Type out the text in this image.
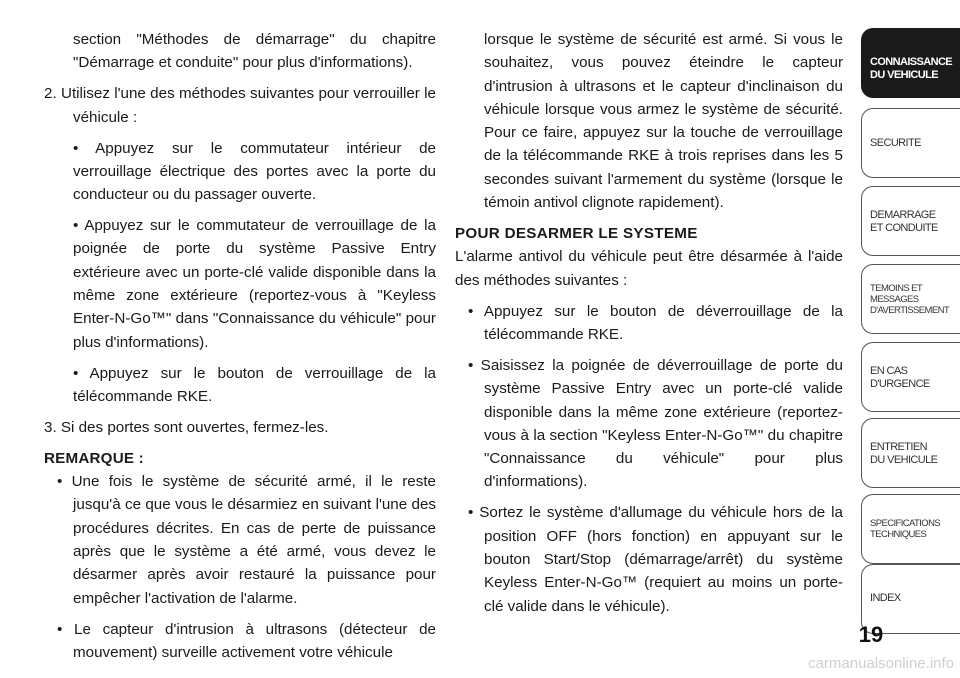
section "Méthodes de démarrage" du chapitre "Démarrage et conduite" pour plus d'informations).

2. Utilisez l'une des méthodes suivantes pour verrouiller le véhicule :

• Appuyez sur le commutateur intérieur de verrouillage électrique des portes avec la porte du conducteur ou du passager ouverte.

• Appuyez sur le commutateur de verrouillage de la poignée de porte du système Passive Entry extérieure avec un porte-clé valide disponible dans la même zone extérieure (reportez-vous à "Keyless Enter-N-Go™" dans "Connaissance du véhicule" pour plus d'informations).

• Appuyez sur le bouton de verrouillage de la télécommande RKE.

3. Si des portes sont ouvertes, fermez-les.

REMARQUE :

• Une fois le système de sécurité armé, il le reste jusqu'à ce que vous le désarmiez en suivant l'une des procédures décrites. En cas de perte de puissance après que le système a été armé, vous devez le désarmer après avoir restauré la puissance pour empêcher l'activation de l'alarme.

• Le capteur d'intrusion à ultrasons (détecteur de mouvement) surveille activement votre véhicule

lorsque le système de sécurité est armé. Si vous le souhaitez, vous pouvez éteindre le capteur d'intrusion à ultrasons et le capteur d'inclinaison du véhicule lorsque vous armez le système de sécurité. Pour ce faire, appuyez sur la touche de verrouillage de la télécommande RKE à trois reprises dans les 5 secondes suivant l'armement du système (lorsque le témoin antivol clignote rapidement).

POUR DESARMER LE SYSTEME

L'alarme antivol du véhicule peut être désarmée à l'aide des méthodes suivantes :

• Appuyez sur le bouton de déverrouillage de la télécommande RKE.

• Saisissez la poignée de déverrouillage de porte du système Passive Entry avec un porte-clé valide disponible dans la même zone extérieure (reportez-vous à la section "Keyless Enter-N-Go™" du chapitre "Connaissance du véhicule" pour plus d'informations).

• Sortez le système d'allumage du véhicule hors de la position OFF (hors fonction) en appuyant sur le bouton Start/Stop (démarrage/arrêt) du système Keyless Enter-N-Go™ (requiert au moins un porte-clé valide dans le véhicule).

CONNAISSANCE
DU VEHICULE
SECURITE
DEMARRAGE
ET CONDUITE
TEMOINS ET
MESSAGES
D'AVERTISSEMENT
EN CAS
D'URGENCE
ENTRETIEN
DU VEHICULE
SPECIFICATIONS
TECHNIQUES
INDEX
19
carmanualsonline.info
